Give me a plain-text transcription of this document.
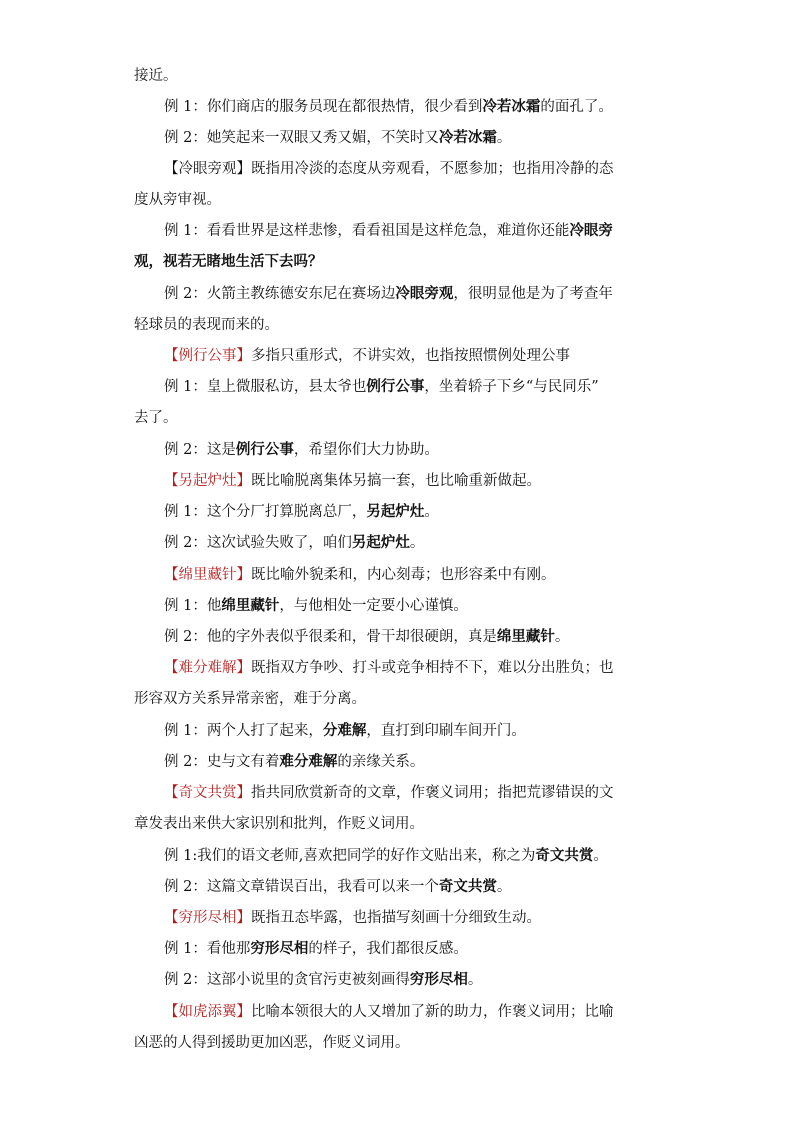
接近。
例 1：你们商店的服务员现在都很热情，很少看到冷若冰霜的面孔了。
例 2：她笑起来一双眼又秀又媚，不笑时又冷若冰霜。
【冷眼旁观】既指用冷淡的态度从旁观看，不愿参加；也指用冷静的态
度从旁审视。
例 1：看看世界是这样悲惨，看看祖国是这样危急，难道你还能冷眼旁
观，视若无睹地生活下去吗？
例 2：火箭主教练德安东尼在赛场边冷眼旁观，很明显他是为了考查年
轻球员的表现而来的。
【例行公事】多指只重形式，不讲实效，也指按照惯例处理公事
例 1：皇上微服私访，县太爷也例行公事，坐着轿子下乡“与民同乐”
去了。
例 2：这是例行公事，希望你们大力协助。
【另起炉灶】既比喻脱离集体另搞一套，也比喻重新做起。
例 1：这个分厂打算脱离总厂，另起炉灶。
例 2：这次试验失败了，咱们另起炉灶。
【绵里藏针】既比喻外貌柔和，内心刻毒；也形容柔中有刚。
例 1：他绵里藏针，与他相处一定要小心谨慎。
例 2：他的字外表似乎很柔和，骨干却很硬朗，真是绵里藏针。
【难分难解】既指双方争吵、打斗或竞争相持不下，难以分出胜负；也
形容双方关系异常亲密，难于分离。
例 1：两个人打了起来，分难解，直打到印刷车间开门。
例 2：史与文有着难分难解的亲缘关系。
【奇文共赏】指共同欣赏新奇的文章，作褒义词用；指把荒谬错误的文
章发表出来供大家识别和批判，作贬义词用。
例 1:我们的语文老师,喜欢把同学的好作文贴出来，称之为奇文共赏。
例 2：这篇文章错误百出，我看可以来一个奇文共赏。
【穷形尽相】既指丑态毕露，也指描写刻画十分细致生动。
例 1：看他那穷形尽相的样子，我们都很反感。
例 2：这部小说里的贪官污吏被刻画得穷形尽相。
【如虎添翼】比喻本领很大的人又增加了新的助力，作褒义词用；比喻
凶恶的人得到援助更加凶恶，作贬义词用。
